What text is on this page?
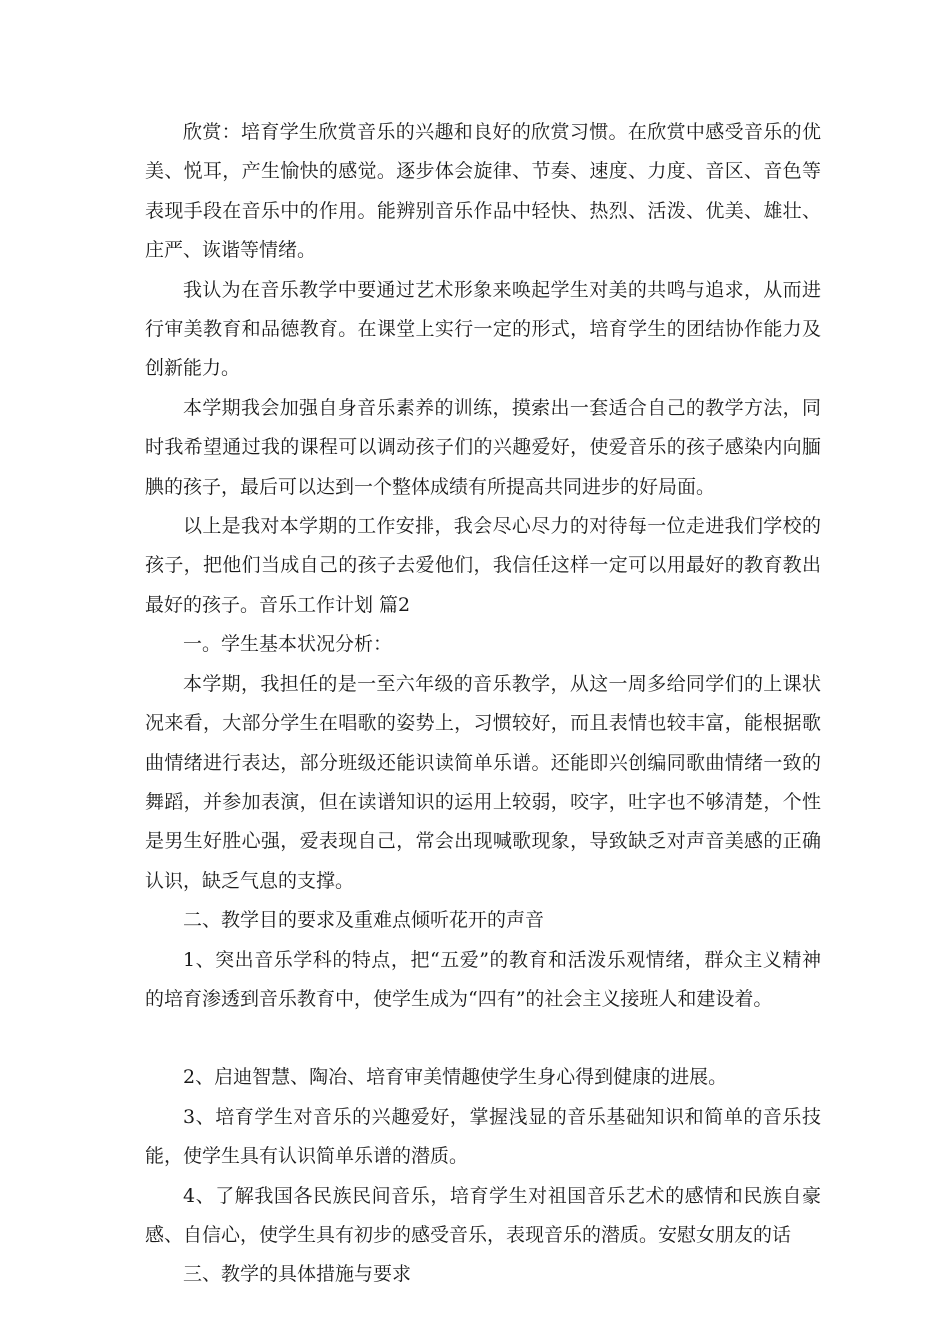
欣赏：培育学生欣赏音乐的兴趣和良好的欣赏习惯。在欣赏中感受音乐的优美、悦耳，产生愉快的感觉。逐步体会旋律、节奏、速度、力度、音区、音色等表现手段在音乐中的作用。能辨别音乐作品中轻快、热烈、活泼、优美、雄壮、庄严、诙谐等情绪。

我认为在音乐教学中要通过艺术形象来唤起学生对美的共鸣与追求，从而进行审美教育和品德教育。在课堂上实行一定的形式，培育学生的团结协作能力及创新能力。

本学期我会加强自身音乐素养的训练，摸索出一套适合自己的教学方法，同时我希望通过我的课程可以调动孩子们的兴趣爱好，使爱音乐的孩子感染内向腼腆的孩子，最后可以达到一个整体成绩有所提高共同进步的好局面。

以上是我对本学期的工作安排，我会尽心尽力的对待每一位走进我们学校的孩子，把他们当成自己的孩子去爱他们，我信任这样一定可以用最好的教育教出最好的孩子。音乐工作计划 篇2

一。学生基本状况分析：

本学期，我担任的是一至六年级的音乐教学，从这一周多给同学们的上课状况来看，大部分学生在唱歌的姿势上，习惯较好，而且表情也较丰富，能根据歌曲情绪进行表达，部分班级还能识读简单乐谱。还能即兴创编同歌曲情绪一致的舞蹈，并参加表演，但在读谱知识的运用上较弱，咬字，吐字也不够清楚，个性是男生好胜心强，爱表现自己，常会出现喊歌现象，导致缺乏对声音美感的正确认识，缺乏气息的支撑。

二、教学目的要求及重难点倾听花开的声音

1、突出音乐学科的特点，把“五爱”的教育和活泼乐观情绪，群众主义精神的培育渗透到音乐教育中，使学生成为“四有”的社会主义接班人和建设着。

2、启迪智慧、陶冶、培育审美情趣使学生身心得到健康的进展。

3、培育学生对音乐的兴趣爱好，掌握浅显的音乐基础知识和简单的音乐技能，使学生具有认识简单乐谱的潜质。

4、了解我国各民族民间音乐，培育学生对祖国音乐艺术的感情和民族自豪感、自信心，使学生具有初步的感受音乐，表现音乐的潜质。安慰女朋友的话

三、教学的具体措施与要求
